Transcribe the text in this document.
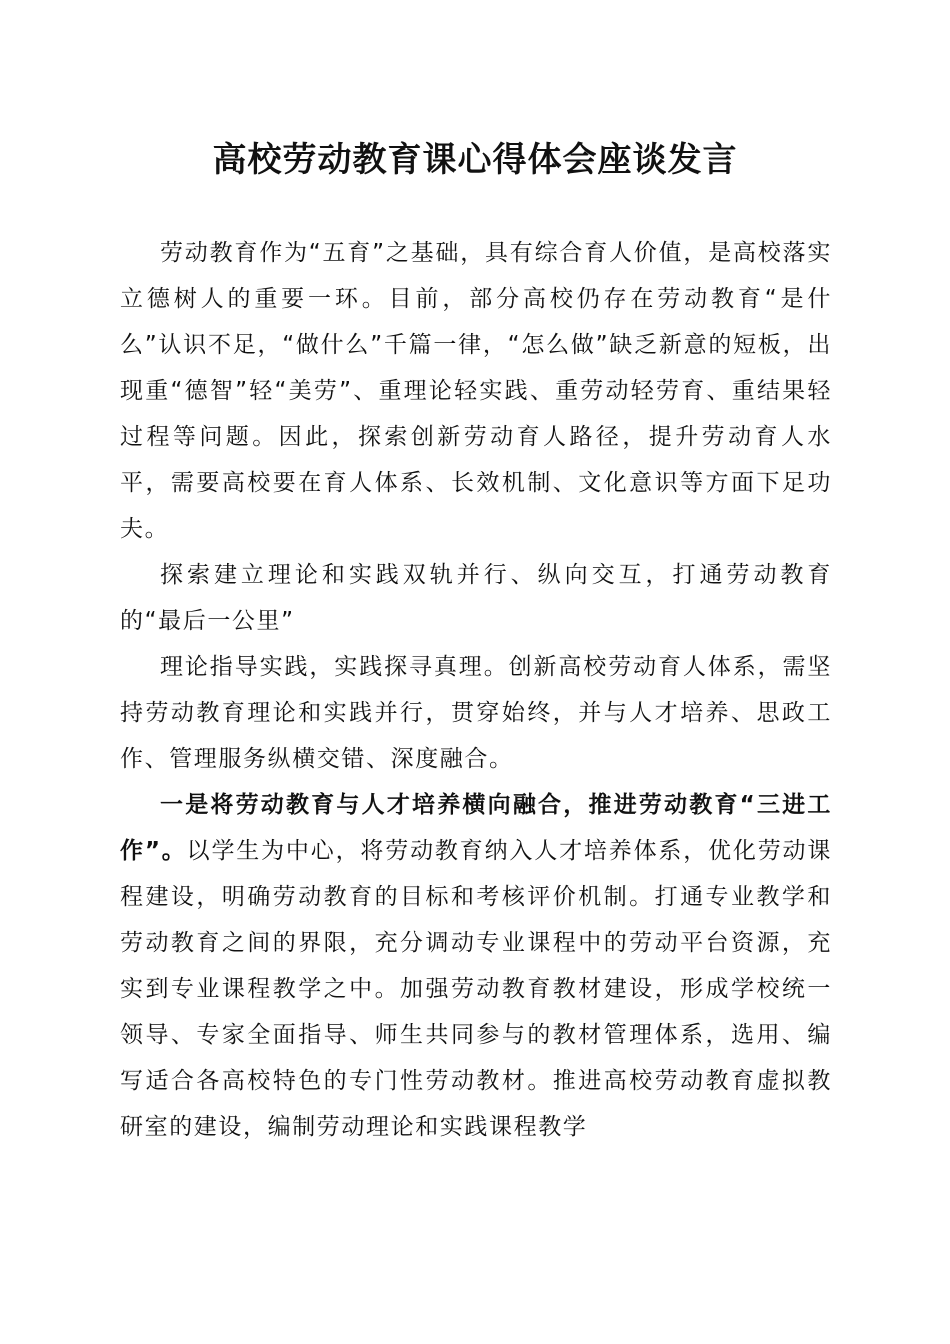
高校劳动教育课心得体会座谈发言

劳动教育作为“五育”之基础，具有综合育人价值，是高校落实立德树人的重要一环。目前，部分高校仍存在劳动教育“是什么”认识不足，“做什么”千篇一律，“怎么做”缺乏新意的短板，出现重“德智”轻“美劳”、重理论轻实践、重劳动轻劳育、重结果轻过程等问题。因此，探索创新劳动育人路径，提升劳动育人水平，需要高校要在育人体系、长效机制、文化意识等方面下足功夫。

探索建立理论和实践双轨并行、纵向交互，打通劳动教育的“最后一公里”

理论指导实践，实践探寻真理。创新高校劳动育人体系，需坚持劳动教育理论和实践并行，贯穿始终，并与人才培养、思政工作、管理服务纵横交错、深度融合。

一是将劳动教育与人才培养横向融合，推进劳动教育“三进工作”。以学生为中心，将劳动教育纳入人才培养体系，优化劳动课程建设，明确劳动教育的目标和考核评价机制。打通专业教学和劳动教育之间的界限，充分调动专业课程中的劳动平台资源，充实到专业课程教学之中。加强劳动教育教材建设，形成学校统一领导、专家全面指导、师生共同参与的教材管理体系，选用、编写适合各高校特色的专门性劳动教材。推进高校劳动教育虚拟教研室的建设，编制劳动理论和实践课程教学
